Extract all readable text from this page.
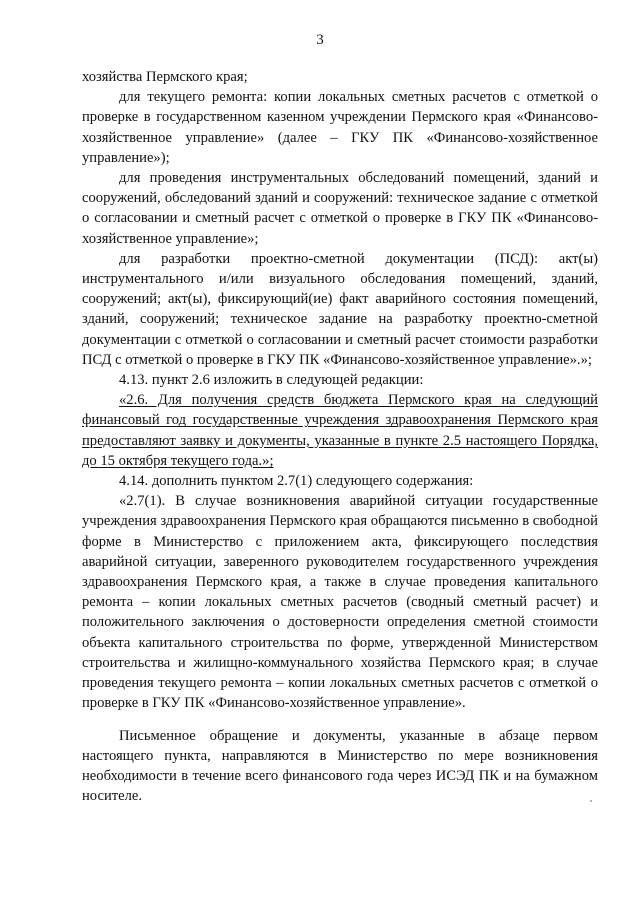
3

хозяйства Пермского края;

для текущего ремонта: копии локальных сметных расчетов с отметкой о проверке в государственном казенном учреждении Пермского края «Финансово-хозяйственное управление» (далее – ГКУ ПК «Финансово-хозяйственное управление»);

для проведения инструментальных обследований помещений, зданий и сооружений, обследований зданий и сооружений: техническое задание с отметкой о согласовании и сметный расчет с отметкой о проверке в ГКУ ПК «Финансово-хозяйственное управление»;

для разработки проектно-сметной документации (ПСД): акт(ы) инструментального и/или визуального обследования помещений, зданий, сооружений; акт(ы), фиксирующий(ие) факт аварийного состояния помещений, зданий, сооружений; техническое задание на разработку проектно-сметной документации с отметкой о согласовании и сметный расчет стоимости разработки ПСД с отметкой о проверке в ГКУ ПК «Финансово-хозяйственное управление».»;

4.13. пункт 2.6 изложить в следующей редакции:

«2.6. Для получения средств бюджета Пермского края на следующий финансовый год государственные учреждения здравоохранения Пермского края предоставляют заявку и документы, указанные в пункте 2.5 настоящего Порядка, до 15 октября текущего года.»;

4.14. дополнить пунктом 2.7(1) следующего содержания:

«2.7(1). В случае возникновения аварийной ситуации государственные учреждения здравоохранения Пермского края обращаются письменно в свободной форме в Министерство с приложением акта, фиксирующего последствия аварийной ситуации, заверенного руководителем государственного учреждения здравоохранения Пермского края, а также в случае проведения капитального ремонта – копии локальных сметных расчетов (сводный сметный расчет) и положительного заключения о достоверности определения сметной стоимости объекта капитального строительства по форме, утвержденной Министерством строительства и жилищно-коммунального хозяйства Пермского края; в случае проведения текущего ремонта – копии локальных сметных расчетов с отметкой о проверке в ГКУ ПК «Финансово-хозяйственное управление».

Письменное обращение и документы, указанные в абзаце первом настоящего пункта, направляются в Министерство по мере возникновения необходимости в течение всего финансового года через ИСЭД ПК и на бумажном носителе.
